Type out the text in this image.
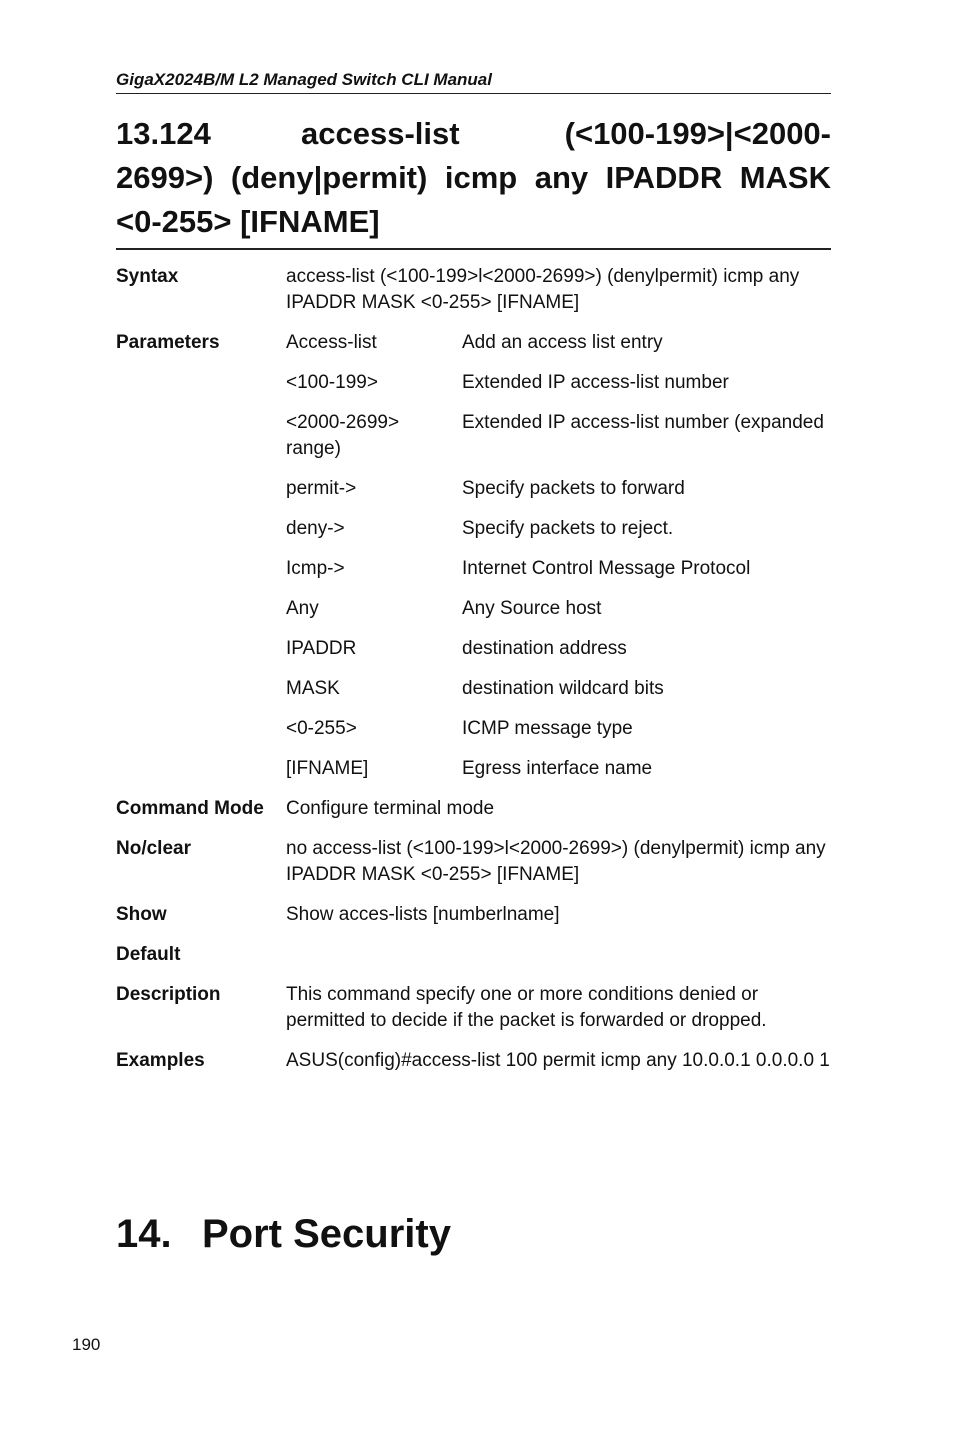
GigaX2024B/M L2 Managed Switch CLI Manual
13.124	access-list (<100-199>|<2000-2699>) (deny|permit) icmp any IPADDR MASK <0-255> [IFNAME]
Syntax	access-list (<100-199>l<2000-2699>) (denylpermit) icmp any IPADDR MASK <0-255> [IFNAME]
Parameters	Access-list	Add an access list entry
<100-199>	Extended IP access-list number
<2000-2699>	Extended IP access-list number (expanded
range)
permit->	Specify packets to forward
deny->	Specify packets to reject.
Icmp->	Internet Control Message Protocol
Any	Any Source host
IPADDR	destination address
MASK	destination wildcard bits
<0-255>	ICMP message type
[IFNAME]	Egress interface name
Command Mode	Configure terminal mode
No/clear	no access-list (<100-199>l<2000-2699>) (denylpermit) icmp any IPADDR MASK <0-255> [IFNAME]
Show	Show acces-lists [numberlname]
Default
Description	This command specify one or more conditions denied or permitted to decide if the packet is forwarded or dropped.
Examples	ASUS(config)#access-list 100 permit icmp any 10.0.0.1 0.0.0.0 1
14. Port Security
190
